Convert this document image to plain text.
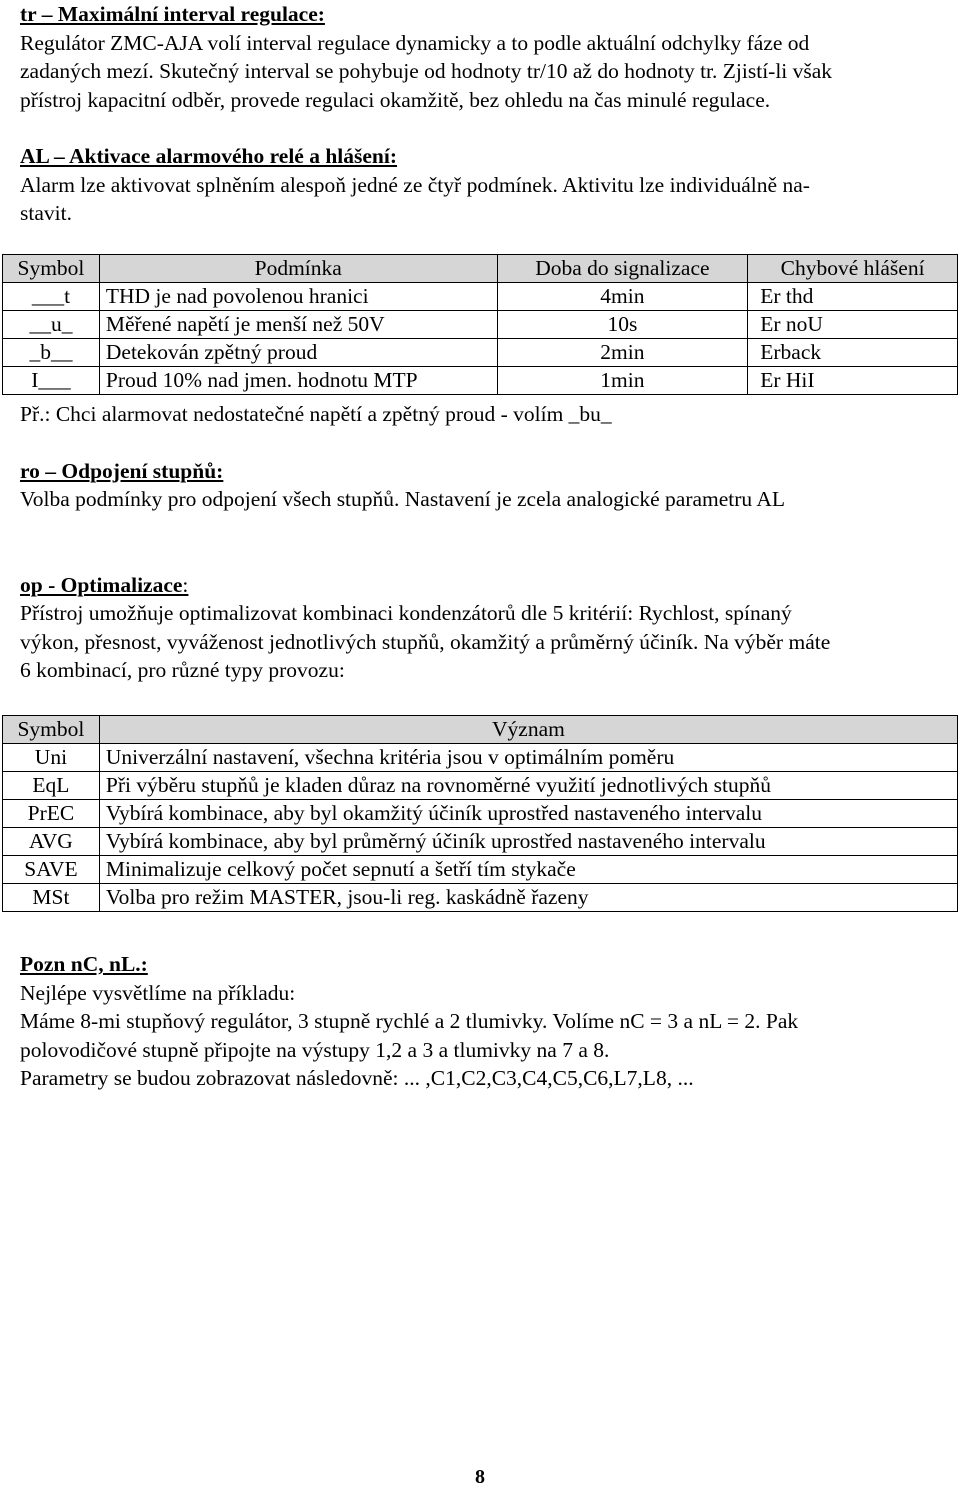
tr – Maximální interval regulace:
Regulátor ZMC-AJA volí interval regulace dynamicky a to podle aktuální odchylky fáze od
zadaných mezí. Skutečný interval se pohybuje od hodnoty tr/10 až do hodnoty tr. Zjistí-li však
přístroj kapacitní odběr, provede regulaci okamžitě, bez ohledu na čas minulé regulace.
AL – Aktivace alarmového relé a hlášení:
Alarm lze aktivovat splněním alespoň jedné ze čtyř podmínek. Aktivitu lze individuálně na-
stavit.
Symbol	Podmínka	Doba do signalizace	Chybové hlášení
___t	THD je nad povolenou hranici	4min	Er thd
__u_	Měřené napětí je menší než 50V	10s	Er noU
_b__	Detekován zpětný proud	2min	Erback
I___	Proud 10% nad jmen. hodnotu MTP	1min	Er HiI
Př.: Chci alarmovat nedostatečné napětí a zpětný proud - volím _bu_
ro – Odpojení stupňů:
Volba podmínky pro odpojení všech stupňů. Nastavení je zcela analogické parametru AL
op - Optimalizace:
Přístroj umožňuje optimalizovat kombinaci kondenzátorů dle 5 kritérií: Rychlost, spínaný
výkon, přesnost, vyváženost jednotlivých stupňů, okamžitý a průměrný účiník. Na výběr máte
6 kombinací, pro různé typy provozu:
Symbol	Význam
Uni	Univerzální nastavení, všechna kritéria jsou v optimálním poměru
EqL	Při výběru stupňů je kladen důraz na rovnoměrné využití jednotlivých stupňů
PrEC	Vybírá kombinace, aby byl okamžitý účiník uprostřed nastaveného intervalu
AVG	Vybírá kombinace, aby byl průměrný účiník uprostřed nastaveného intervalu
SAVE	Minimalizuje celkový počet sepnutí a šetří tím stykače
MSt	Volba pro režim MASTER, jsou-li reg. kaskádně řazeny
Pozn nC, nL.:
Nejlépe vysvětlíme na příkladu:
Máme 8-mi stupňový regulátor, 3 stupně rychlé a 2 tlumivky. Volíme nC = 3 a nL = 2. Pak
polovodičové stupně připojte na výstupy 1,2 a 3 a tlumivky na 7 a 8.
Parametry se budou zobrazovat následovně: ... ,C1,C2,C3,C4,C5,C6,L7,L8, ...
8
